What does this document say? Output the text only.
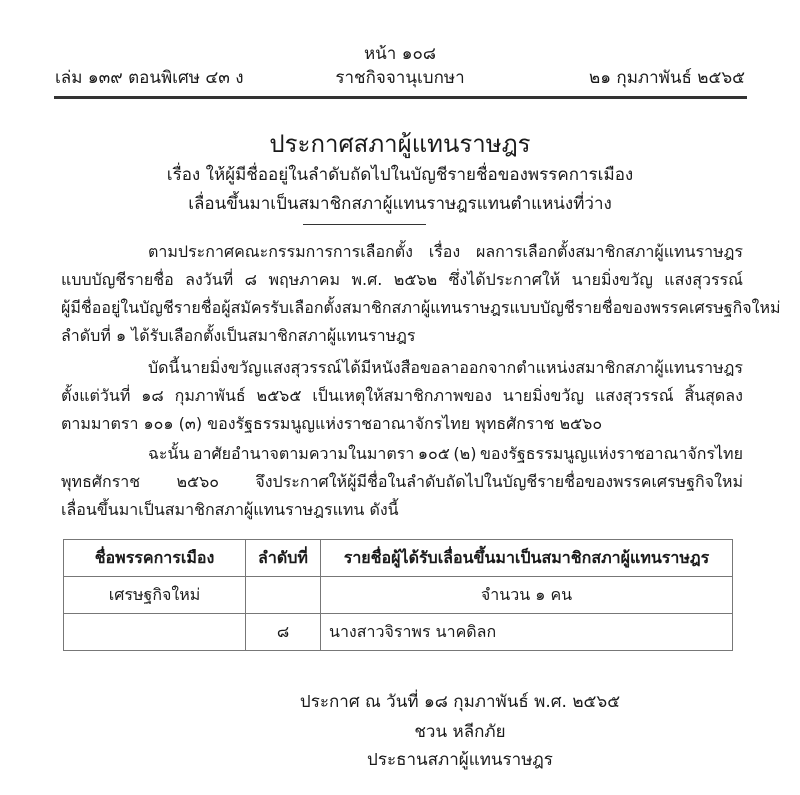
หน้า ๑๐๘
เล่ม ๑๓๙ ตอนพิเศษ ๔๓ ง	ราชกิจจานุเบกษา	๒๑ กุมภาพันธ์ ๒๕๖๕
ประกาศสภาผู้แทนราษฎร
เรื่อง ให้ผู้มีชื่ออยู่ในลำดับถัดไปในบัญชีรายชื่อของพรรคการเมือง
เลื่อนขึ้นมาเป็นสมาชิกสภาผู้แทนราษฎรแทนตำแหน่งที่ว่าง
ตามประกาศคณะกรรมการการเลือกตั้ง เรื่อง ผลการเลือกตั้งสมาชิกสภาผู้แทนราษฎร
แบบบัญชีรายชื่อ ลงวันที่ ๘ พฤษภาคม พ.ศ. ๒๕๖๒ ซึ่งได้ประกาศให้ นายมิ่งขวัญ แสงสุวรรณ์
ผู้มีชื่ออยู่ในบัญชีรายชื่อผู้สมัครรับเลือกตั้งสมาชิกสภาผู้แทนราษฎรแบบบัญชีรายชื่อของพรรคเศรษฐกิจใหม่
ลำดับที่ ๑ ได้รับเลือกตั้งเป็นสมาชิกสภาผู้แทนราษฎร
บัดนี้ นายมิ่งขวัญ แสงสุวรรณ์ ได้มีหนังสือขอลาออกจากตำแหน่งสมาชิกสภาผู้แทนราษฎร
ตั้งแต่วันที่ ๑๘ กุมภาพันธ์ ๒๕๖๕ เป็นเหตุให้สมาชิกภาพของ นายมิ่งขวัญ แสงสุวรรณ์ สิ้นสุดลง
ตามมาตรา ๑๐๑ (๓) ของรัฐธรรมนูญแห่งราชอาณาจักรไทย พุทธศักราช ๒๕๖๐
ฉะนั้น อาศัยอำนาจตามความในมาตรา ๑๐๕ (๒) ของรัฐธรรมนูญแห่งราชอาณาจักรไทย
พุทธศักราช ๒๕๖๐ จึงประกาศให้ผู้มีชื่อในลำดับถัดไปในบัญชีรายชื่อของพรรคเศรษฐกิจใหม่
เลื่อนขึ้นมาเป็นสมาชิกสภาผู้แทนราษฎรแทน ดังนี้
ชื่อพรรคการเมือง	ลำดับที่	รายชื่อผู้ได้รับเลื่อนขึ้นมาเป็นสมาชิกสภาผู้แทนราษฎร
เศรษฐกิจใหม่		จำนวน ๑ คน
	๘	นางสาวจิราพร นาคดิลก
ประกาศ ณ วันที่ ๑๘ กุมภาพันธ์ พ.ศ. ๒๕๖๕
ชวน หลีกภัย
ประธานสภาผู้แทนราษฎร
